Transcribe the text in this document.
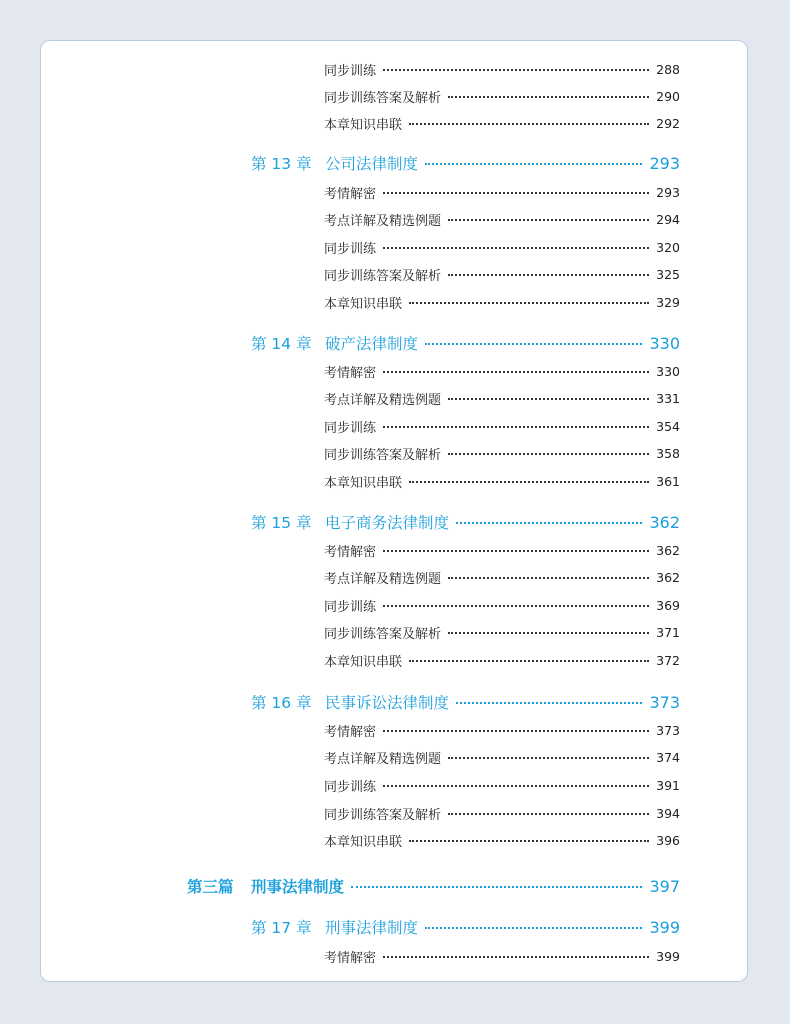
同步训练	288
同步训练答案及解析	290
本章知识串联	292
第 13 章 公司法律制度	293
考情解密	293
考点详解及精选例题	294
同步训练	320
同步训练答案及解析	325
本章知识串联	329
第 14 章 破产法律制度	330
考情解密	330
考点详解及精选例题	331
同步训练	354
同步训练答案及解析	358
本章知识串联	361
第 15 章 电子商务法律制度	362
考情解密	362
考点详解及精选例题	362
同步训练	369
同步训练答案及解析	371
本章知识串联	372
第 16 章 民事诉讼法律制度	373
考情解密	373
考点详解及精选例题	374
同步训练	391
同步训练答案及解析	394
本章知识串联	396
第三篇	刑事法律制度	397
第 17 章 刑事法律制度	399
考情解密	399
